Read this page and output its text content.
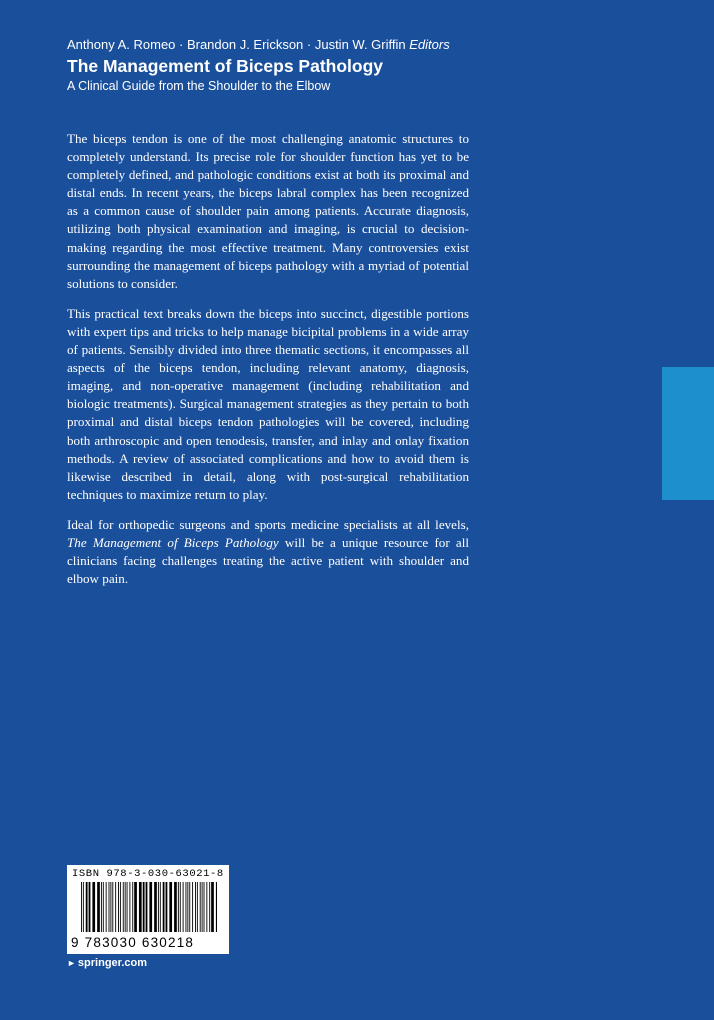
Anthony A. Romeo · Brandon J. Erickson · Justin W. Griffin Editors
The Management of Biceps Pathology
A Clinical Guide from the Shoulder to the Elbow

The biceps tendon is one of the most challenging anatomic structures to completely understand. Its precise role for shoulder function has yet to be completely defined, and pathologic conditions exist at both its proximal and distal ends. In recent years, the biceps labral complex has been recognized as a common cause of shoulder pain among patients. Accurate diagnosis, utilizing both physical examination and imaging, is crucial to decision-making regarding the most effective treatment. Many controversies exist surrounding the management of biceps pathology with a myriad of potential solutions to consider.

This practical text breaks down the biceps into succinct, digestible portions with expert tips and tricks to help manage bicipital problems in a wide array of patients. Sensibly divided into three thematic sections, it encompasses all aspects of the biceps tendon, including relevant anatomy, diagnosis, imaging, and non-operative management (including rehabilitation and biologic treatments). Surgical management strategies as they pertain to both proximal and distal biceps tendon pathologies will be covered, including both arthroscopic and open tenodesis, transfer, and inlay and onlay fixation methods. A review of associated complications and how to avoid them is likewise described in detail, along with post-surgical rehabilitation techniques to maximize return to play.

Ideal for orthopedic surgeons and sports medicine specialists at all levels, The Management of Biceps Pathology will be a unique resource for all clinicians facing challenges treating the active patient with shoulder and elbow pain.

ISBN 978-3-030-63021-8
9 783030 630218
► springer.com
